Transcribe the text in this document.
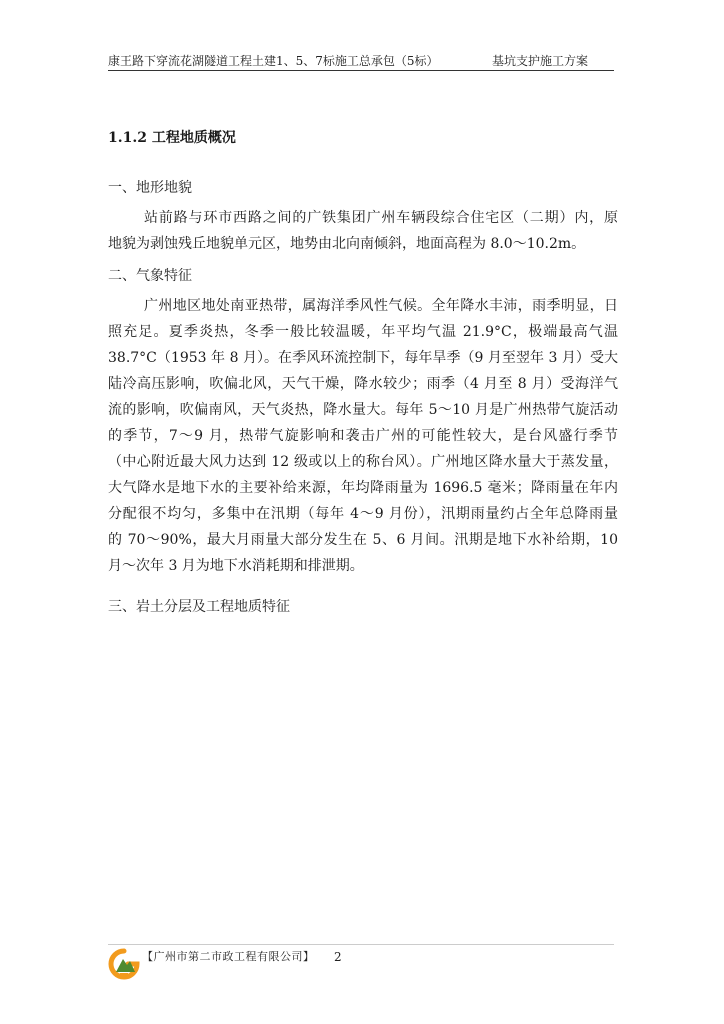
康王路下穿流花湖隧道工程土建1、5、7标施工总承包（5标）	基坑支护施工方案
1.1.2 工程地质概况
一、地形地貌
站前路与环市西路之间的广铁集团广州车辆段综合住宅区（二期）内，原
地貌为剥蚀残丘地貌单元区，地势由北向南倾斜，地面高程为 8.0～10.2m。
二、气象特征
广州地区地处南亚热带，属海洋季风性气候。全年降水丰沛，雨季明显，日
照充足。夏季炎热，冬季一般比较温暖，年平均气温 21.9°C，极端最高气温
38.7°C（1953 年 8 月）。在季风环流控制下，每年旱季（9 月至翌年 3 月）受大
陆冷高压影响，吹偏北风，天气干燥，降水较少；雨季（4 月至 8 月）受海洋气
流的影响，吹偏南风，天气炎热，降水量大。每年 5～10 月是广州热带气旋活动
的季节，7～9 月，热带气旋影响和袭击广州的可能性较大，是台风盛行季节
（中心附近最大风力达到 12 级或以上的称台风）。广州地区降水量大于蒸发量，
大气降水是地下水的主要补给来源，年均降雨量为 1696.5 毫米；降雨量在年内
分配很不均匀，多集中在汛期（每年 4～9 月份），汛期雨量约占全年总降雨量
的 70～90%，最大月雨量大部分发生在 5、6 月间。汛期是地下水补给期，10
月～次年 3 月为地下水消耗期和排泄期。
三、岩土分层及工程地质特征
【广州市第二市政工程有限公司】 2
